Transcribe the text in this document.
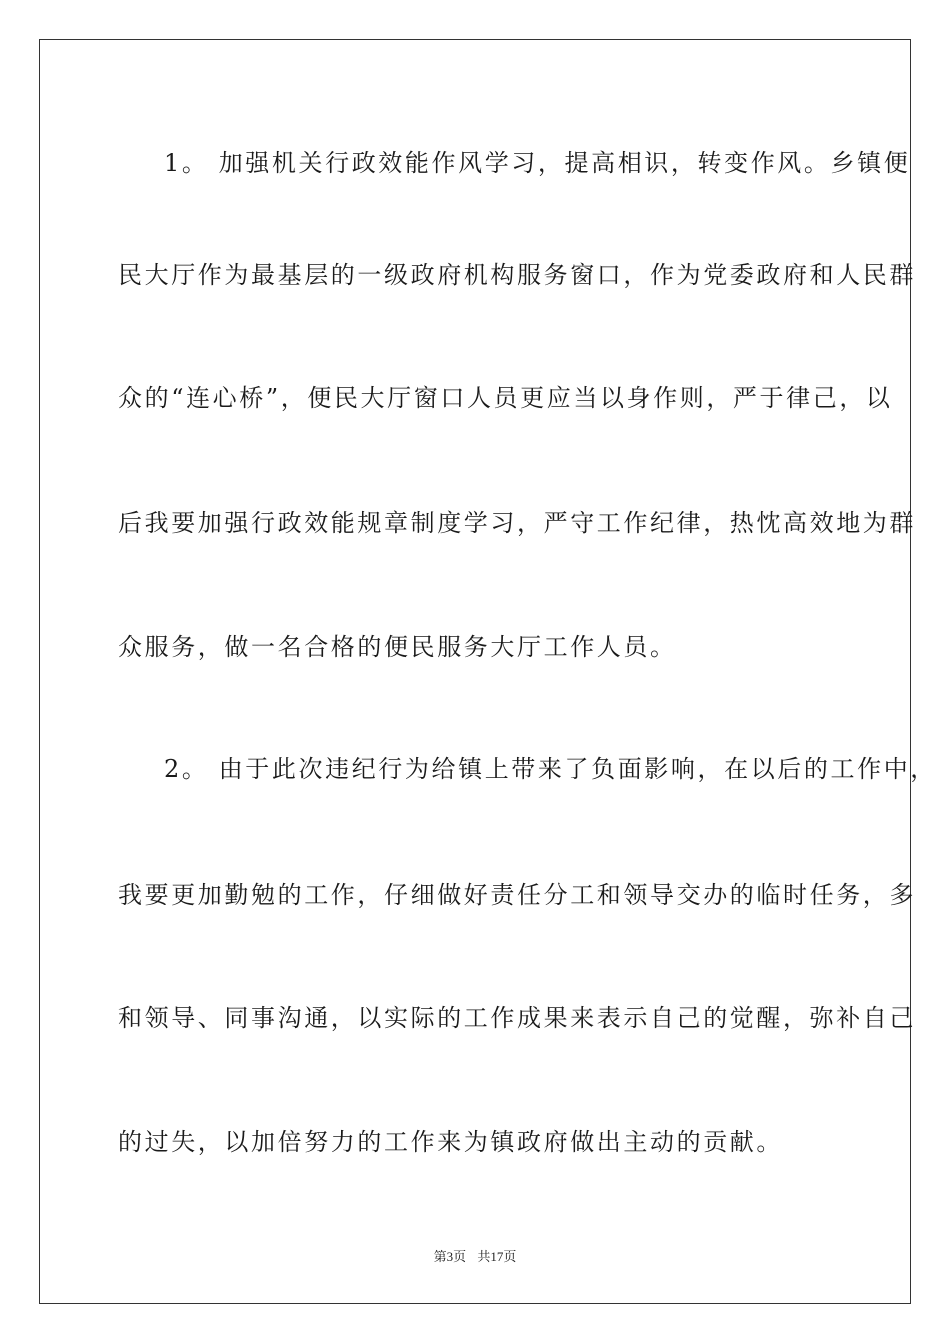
1。 加强机关行政效能作风学习，提高相识，转变作风。乡镇便
民大厅作为最基层的一级政府机构服务窗口，作为党委政府和人民群
众的“连心桥”，便民大厅窗口人员更应当以身作则，严于律己，以
后我要加强行政效能规章制度学习，严守工作纪律，热忱高效地为群
众服务，做一名合格的便民服务大厅工作人员。
2。 由于此次违纪行为给镇上带来了负面影响，在以后的工作中，
我要更加勤勉的工作，仔细做好责任分工和领导交办的临时任务，多
和领导、同事沟通，以实际的工作成果来表示自己的觉醒，弥补自己
的过失，以加倍努力的工作来为镇政府做出主动的贡献。
第3页 共17页
